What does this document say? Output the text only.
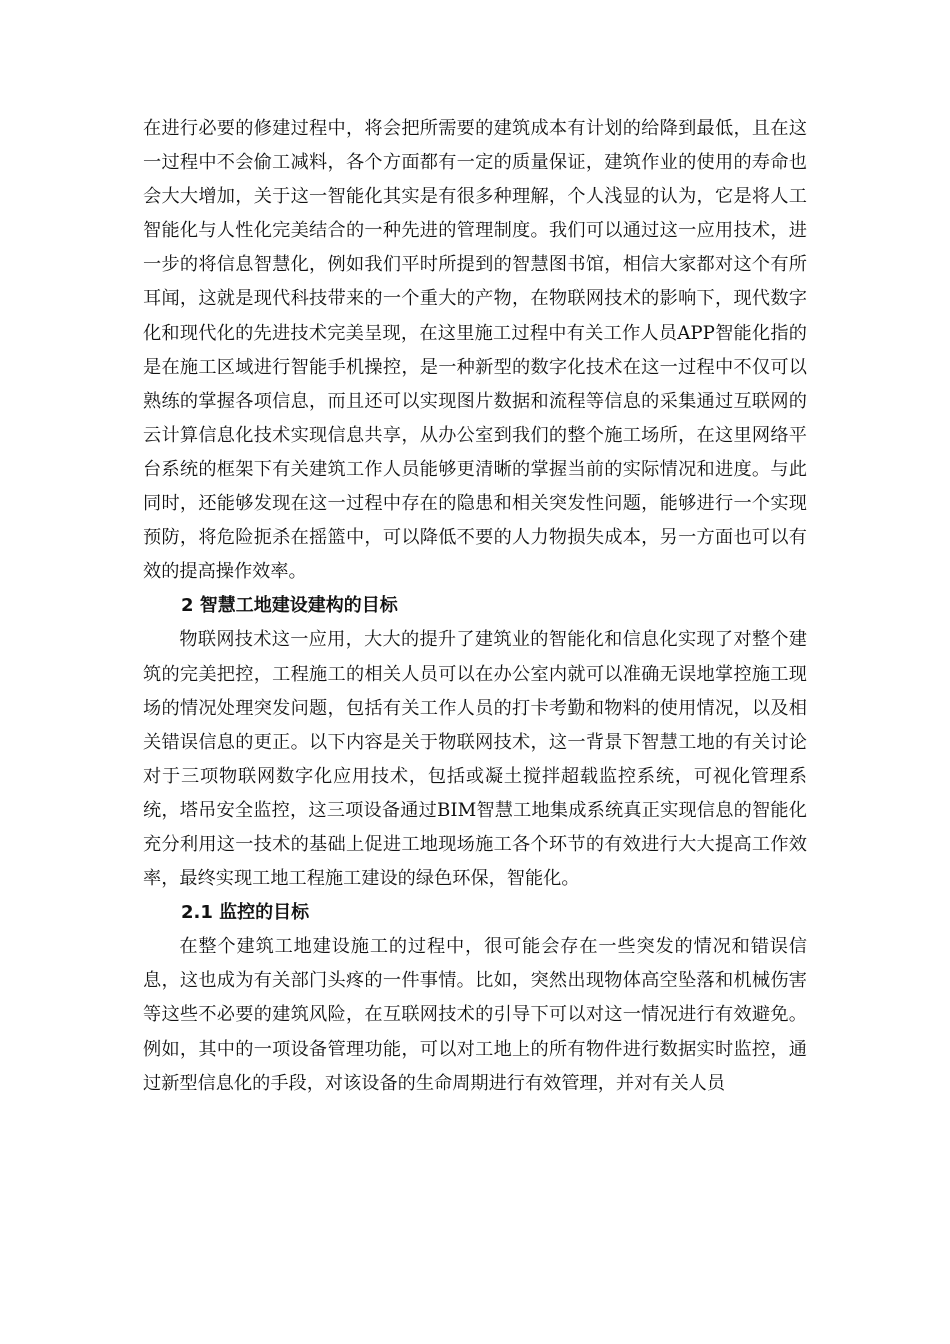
在进行必要的修建过程中，将会把所需要的建筑成本有计划的给降到最低，且在这一过程中不会偷工减料，各个方面都有一定的质量保证，建筑作业的使用的寿命也会大大增加，关于这一智能化其实是有很多种理解，个人浅显的认为，它是将人工智能化与人性化完美结合的一种先进的管理制度。我们可以通过这一应用技术，进一步的将信息智慧化，例如我们平时所提到的智慧图书馆，相信大家都对这个有所耳闻，这就是现代科技带来的一个重大的产物，在物联网技术的影响下，现代数字化和现代化的先进技术完美呈现，在这里施工过程中有关工作人员APP智能化指的是在施工区域进行智能手机操控，是一种新型的数字化技术在这一过程中不仅可以熟练的掌握各项信息，而且还可以实现图片数据和流程等信息的采集通过互联网的云计算信息化技术实现信息共享，从办公室到我们的整个施工场所，在这里网络平台系统的框架下有关建筑工作人员能够更清晰的掌握当前的实际情况和进度。与此同时，还能够发现在这一过程中存在的隐患和相关突发性问题，能够进行一个实现预防，将危险扼杀在摇篮中，可以降低不要的人力物损失成本，另一方面也可以有效的提高操作效率。

2 智慧工地建设建构的目标

物联网技术这一应用，大大的提升了建筑业的智能化和信息化实现了对整个建筑的完美把控，工程施工的相关人员可以在办公室内就可以准确无误地掌控施工现场的情况处理突发问题，包括有关工作人员的打卡考勤和物料的使用情况，以及相关错误信息的更正。以下内容是关于物联网技术，这一背景下智慧工地的有关讨论对于三项物联网数字化应用技术，包括或凝土搅拌超载监控系统，可视化管理系统，塔吊安全监控，这三项设备通过BIM智慧工地集成系统真正实现信息的智能化充分利用这一技术的基础上促进工地现场施工各个环节的有效进行大大提高工作效率，最终实现工地工程施工建设的绿色环保，智能化。

2.1 监控的目标

在整个建筑工地建设施工的过程中，很可能会存在一些突发的情况和错误信息，这也成为有关部门头疼的一件事情。比如，突然出现物体高空坠落和机械伤害等这些不必要的建筑风险，在互联网技术的引导下可以对这一情况进行有效避免。例如，其中的一项设备管理功能，可以对工地上的所有物件进行数据实时监控，通过新型信息化的手段，对该设备的生命周期进行有效管理，并对有关人员
